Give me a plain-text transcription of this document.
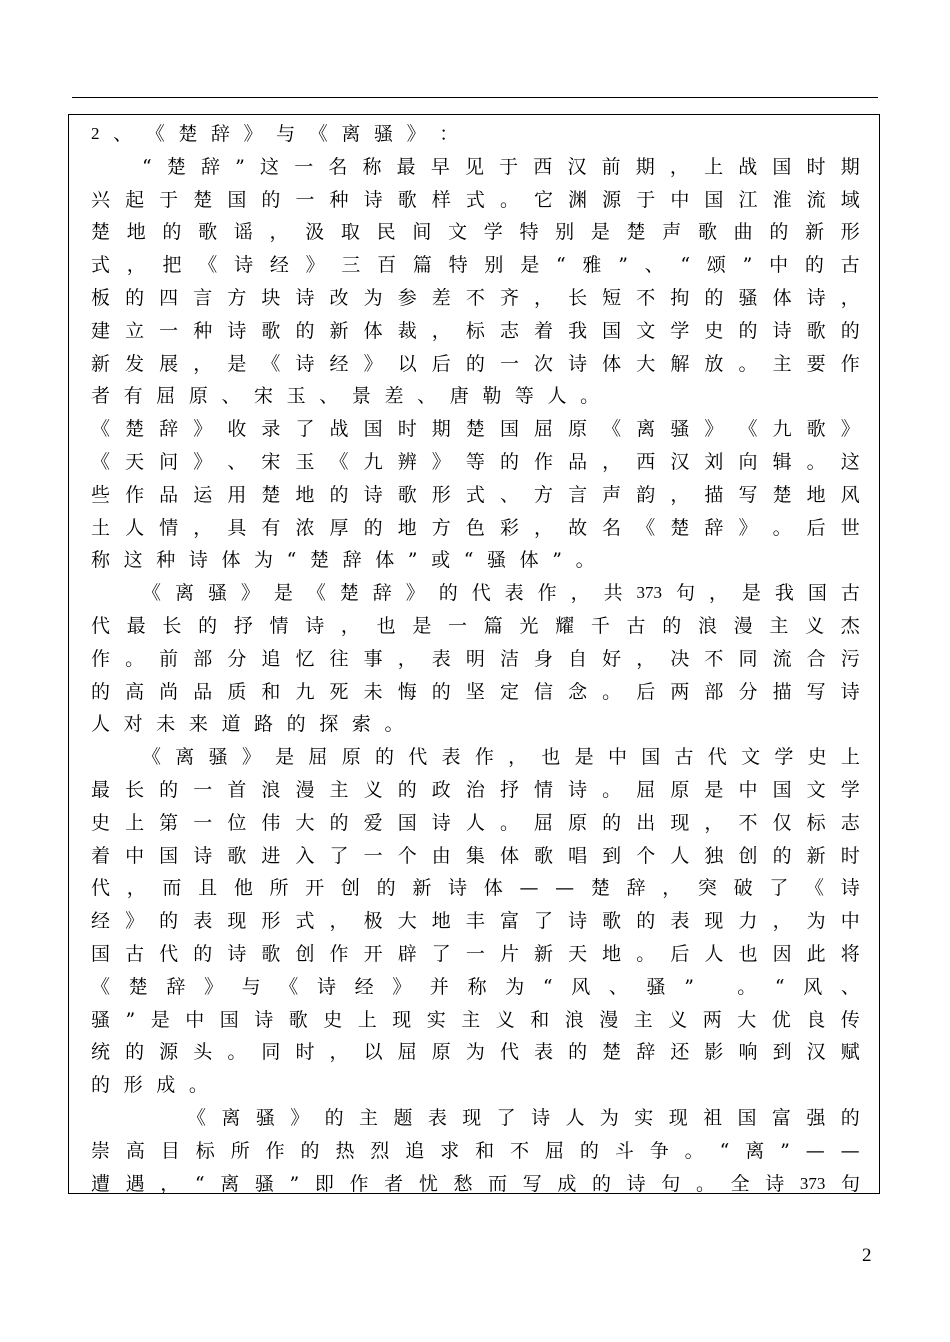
2 、 《 楚 辞 》 与 《 离 骚 》 ：
“ 楚 辞 ” 这 一 名 称 最 早 见 于 西 汉 前 期 ， 上 战 国 时 期
兴 起 于 楚 国 的 一 种 诗 歌 样 式 。 它 渊 源 于 中 国 江 淮 流 域
楚 地 的 歌 谣 ， 汲 取 民 间 文 学 特 别 是 楚 声 歌 曲 的 新 形
式 ， 把 《 诗 经 》 三 百 篇 特 别 是 “ 雅 ” 、 “ 颂 ” 中 的 古
板 的 四 言 方 块 诗 改 为 参 差 不 齐 ， 长 短 不 拘 的 骚 体 诗 ，
建 立 一 种 诗 歌 的 新 体 裁 ， 标 志 着 我 国 文 学 史 的 诗 歌 的
新 发 展 ， 是 《 诗 经 》 以 后 的 一 次 诗 体 大 解 放 。 主 要 作
者 有 屈 原 、 宋 玉 、 景 差 、 唐 勒 等 人 。
《 楚 辞 》 收 录 了 战 国 时 期 楚 国 屈 原 《 离 骚 》 《 九 歌 》
《 天 问 》 、 宋 玉 《 九 辨 》 等 的 作 品 ， 西 汉 刘 向 辑 。 这
些 作 品 运 用 楚 地 的 诗 歌 形 式 、 方 言 声 韵 ， 描 写 楚 地 风
土 人 情 ， 具 有 浓 厚 的 地 方 色 彩 ， 故 名 《 楚 辞 》 。 后 世
称 这 种 诗 体 为 “ 楚 辞 体 ” 或 “ 骚 体 ” 。
《 离 骚 》 是 《 楚 辞 》 的 代 表 作 ， 共 373 句 ， 是 我 国 古
代 最 长 的 抒 情 诗 ， 也 是 一 篇 光 耀 千 古 的 浪 漫 主 义 杰
作 。 前 部 分 追 忆 往 事 ， 表 明 洁 身 自 好 ， 决 不 同 流 合 污
的 高 尚 品 质 和 九 死 未 悔 的 坚 定 信 念 。 后 两 部 分 描 写 诗
人 对 未 来 道 路 的 探 索 。
《 离 骚 》 是 屈 原 的 代 表 作 ， 也 是 中 国 古 代 文 学 史 上
最 长 的 一 首 浪 漫 主 义 的 政 治 抒 情 诗 。 屈 原 是 中 国 文 学
史 上 第 一 位 伟 大 的 爱 国 诗 人 。 屈 原 的 出 现 ， 不 仅 标 志
着 中 国 诗 歌 进 入 了 一 个 由 集 体 歌 唱 到 个 人 独 创 的 新 时
代 ， 而 且 他 所 开 创 的 新 诗 体 — — 楚 辞 ， 突 破 了 《 诗
经 》 的 表 现 形 式 ， 极 大 地 丰 富 了 诗 歌 的 表 现 力 ， 为 中
国 古 代 的 诗 歌 创 作 开 辟 了 一 片 新 天 地 。 后 人 也 因 此 将
《 楚 辞 》 与 《 诗 经 》 并 称 为 “ 风 、 骚 ”
。 “ 风 、
骚 ” 是 中 国 诗 歌 史 上 现 实 主 义 和 浪 漫 主 义 两 大 优 良 传
统 的 源 头 。 同 时 ， 以 屈 原 为 代 表 的 楚 辞 还 影 响 到 汉 赋
的 形 成 。
《 离 骚 》 的 主 题 表 现 了 诗 人 为 实 现 祖 国 富 强 的
崇 高 目 标 所 作 的 热 烈 追 求 和 不 屈 的 斗 争 。 “ 离 ” — —
遭 遇 ， “ 离 骚 ” 即 作 者 忧 愁 而 写 成 的 诗 句 。 全 诗 373 句
2
